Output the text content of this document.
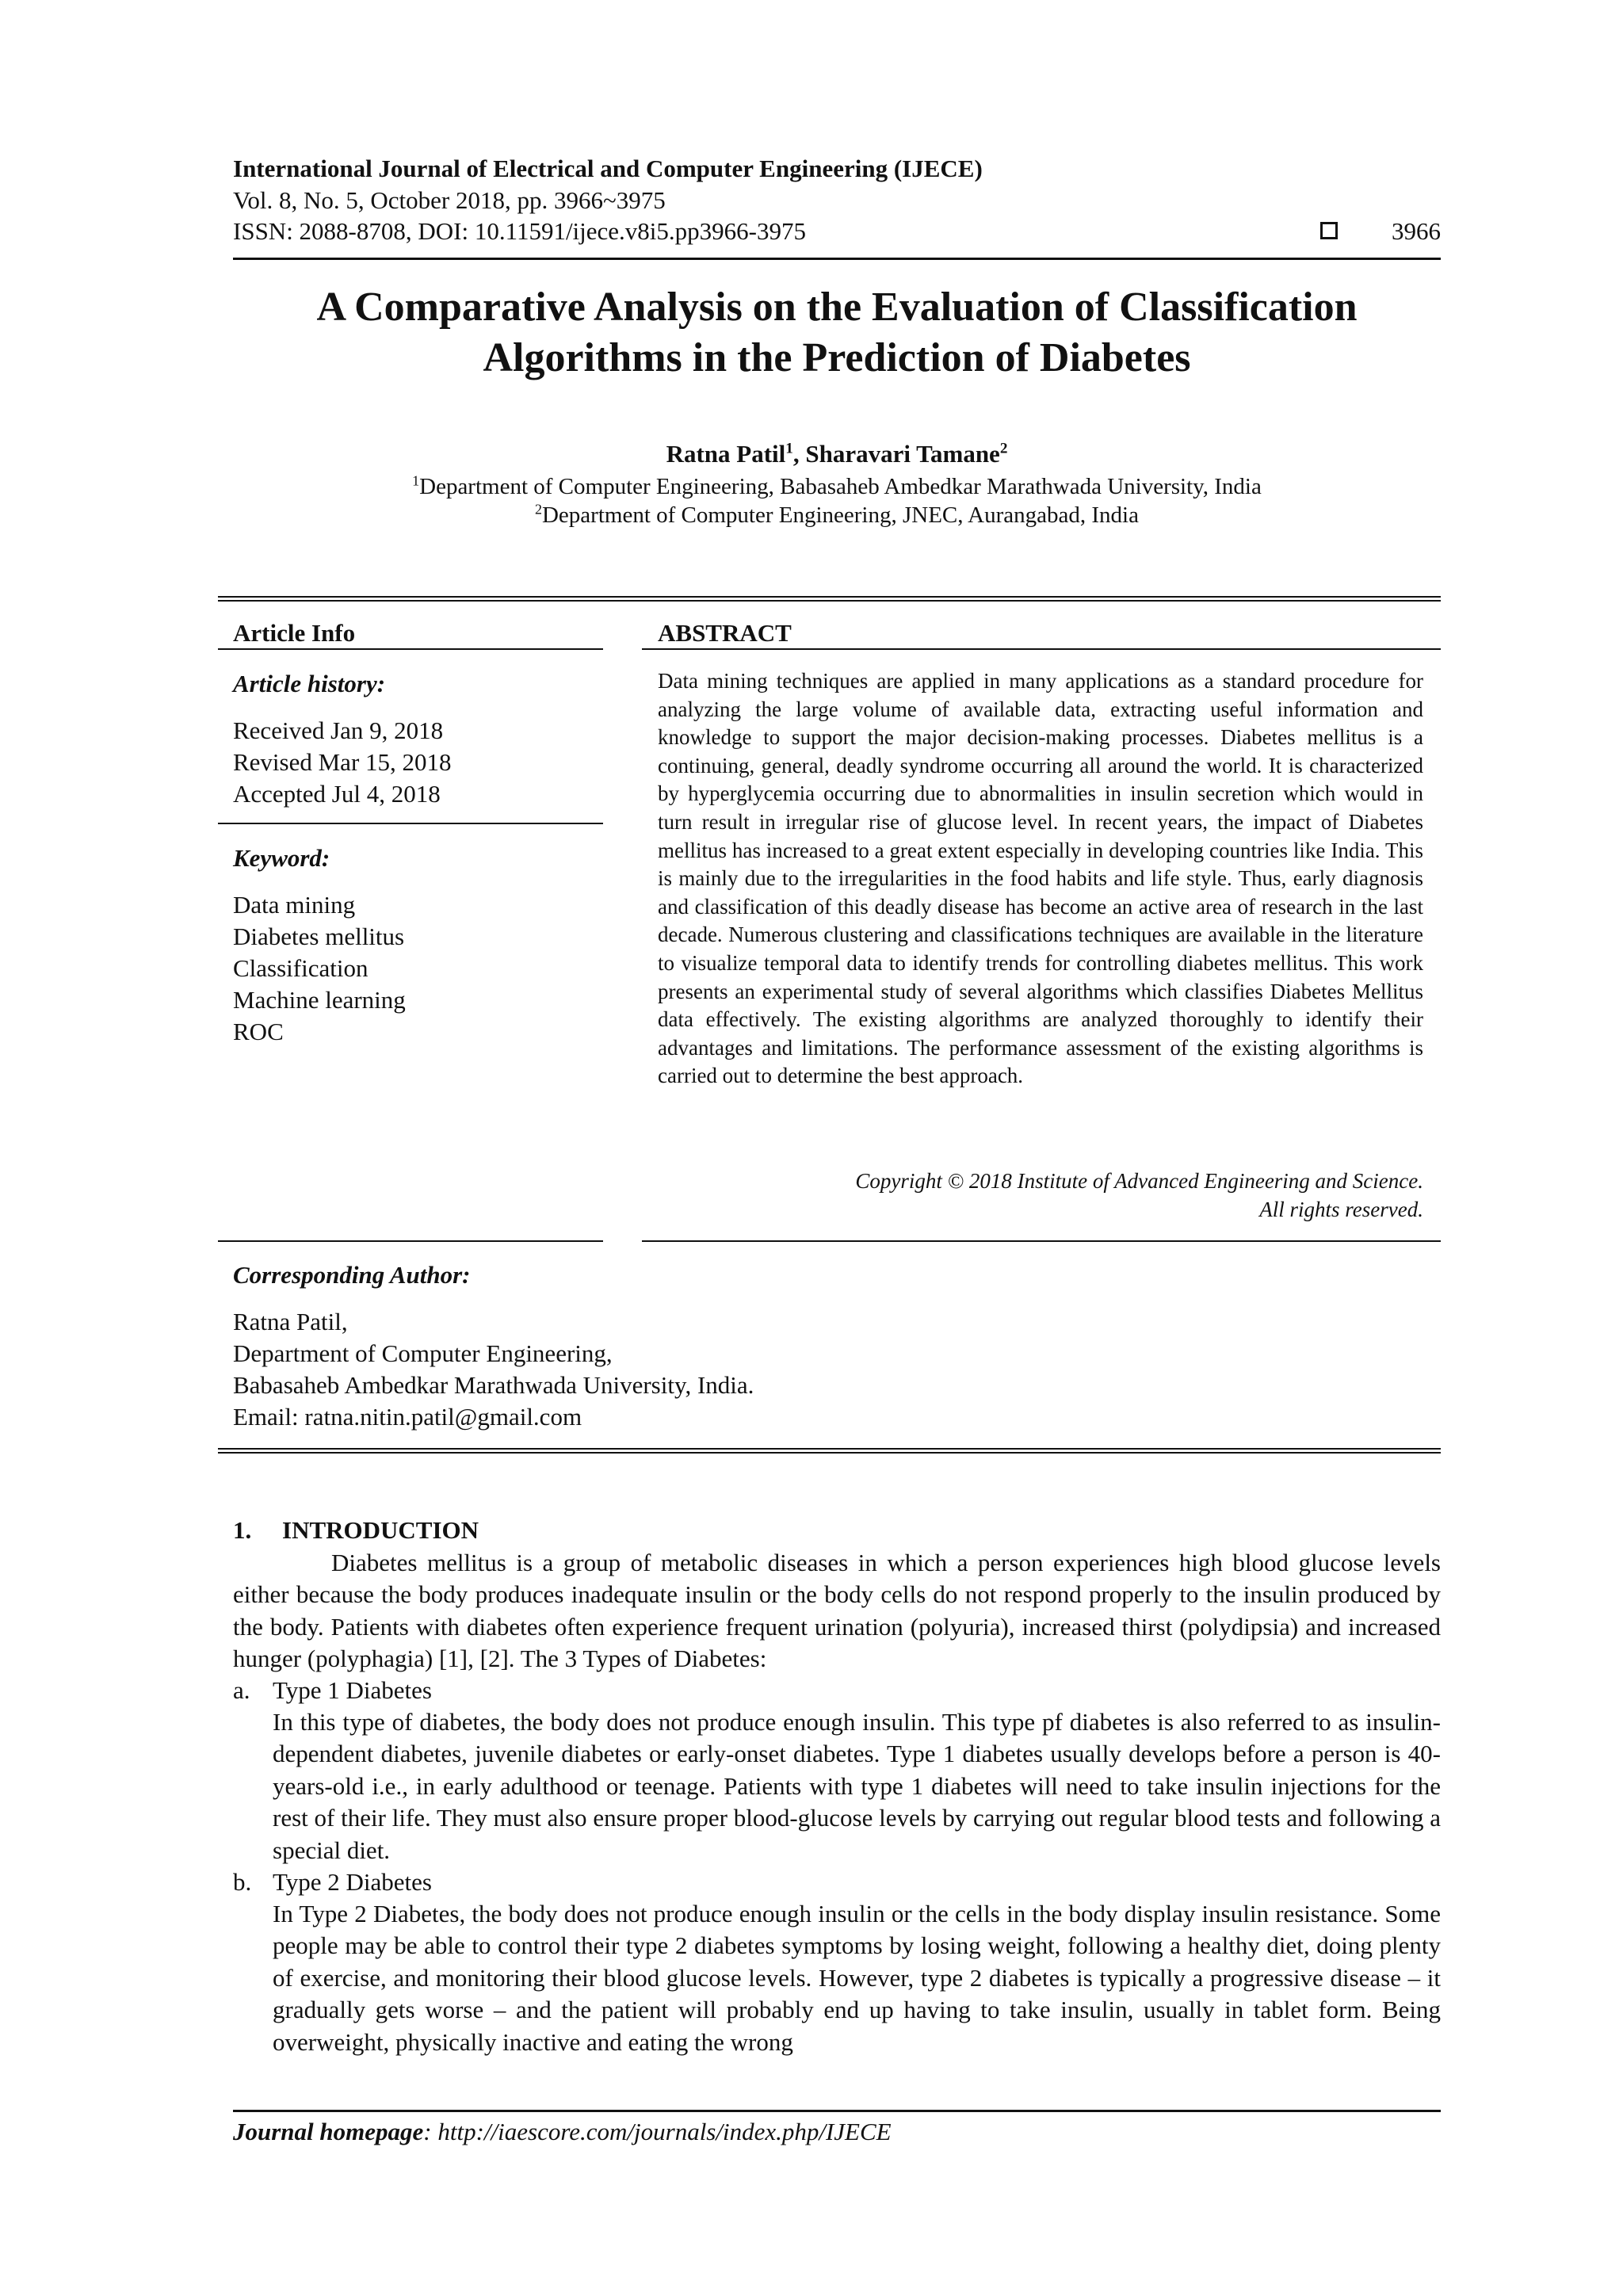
International Journal of Electrical and Computer Engineering (IJECE)
Vol. 8, No. 5, October 2018, pp. 3966~3975
ISSN: 2088-8708, DOI: 10.11591/ijece.v8i5.pp3966-3975	3966
A Comparative Analysis on the Evaluation of Classification
Algorithms in the Prediction of Diabetes
Ratna Patil$^1$, Sharavari Tamane$^2$
$^1$Department of Computer Engineering, Babasaheb Ambedkar Marathwada University, India
$^2$Department of Computer Engineering, JNEC, Aurangabad, India
Article Info
Article history:
Received Jan 9, 2018
Revised Mar 15, 2018
Accepted Jul 4, 2018
Keyword:
Data mining
Diabetes mellitus
Classification
Machine learning
ROC
ABSTRACT
Data mining techniques are applied in many applications as a standard procedure for analyzing the large volume of available data, extracting useful information and knowledge to support the major decision-making processes. Diabetes mellitus is a continuing, general, deadly syndrome occurring all around the world. It is characterized by hyperglycemia occurring due to abnormalities in insulin secretion which would in turn result in irregular rise of glucose level. In recent years, the impact of Diabetes mellitus has increased to a great extent especially in developing countries like India. This is mainly due to the irregularities in the food habits and life style. Thus, early diagnosis and classification of this deadly disease has become an active area of research in the last decade. Numerous clustering and classifications techniques are available in the literature to visualize temporal data to identify trends for controlling diabetes mellitus. This work presents an experimental study of several algorithms which classifies Diabetes Mellitus data effectively. The existing algorithms are analyzed thoroughly to identify their advantages and limitations. The performance assessment of the existing algorithms is carried out to determine the best approach.
Copyright © 2018 Institute of Advanced Engineering and Science.
All rights reserved.
Corresponding Author:
Ratna Patil,
Department of Computer Engineering,
Babasaheb Ambedkar Marathwada University, India.
Email: ratna.nitin.patil@gmail.com
1.     INTRODUCTION
Diabetes mellitus is a group of metabolic diseases in which a person experiences high blood glucose levels either because the body produces inadequate insulin or the body cells do not respond properly to the insulin produced by the body. Patients with diabetes often experience frequent urination (polyuria), increased thirst (polydipsia) and increased hunger (polyphagia) [1], [2]. The 3 Types of Diabetes:
a. Type 1 Diabetes
In this type of diabetes, the body does not produce enough insulin. This type pf diabetes is also referred to as insulin-dependent diabetes, juvenile diabetes or early-onset diabetes. Type 1 diabetes usually develops before a person is 40-years-old i.e., in early adulthood or teenage. Patients with type 1 diabetes will need to take insulin injections for the rest of their life. They must also ensure proper blood-glucose levels by carrying out regular blood tests and following a special diet.
b. Type 2 Diabetes
In Type 2 Diabetes, the body does not produce enough insulin or the cells in the body display insulin resistance. Some people may be able to control their type 2 diabetes symptoms by losing weight, following a healthy diet, doing plenty of exercise, and monitoring their blood glucose levels. However, type 2 diabetes is typically a progressive disease – it gradually gets worse – and the patient will probably end up having to take insulin, usually in tablet form. Being overweight, physically inactive and eating the wrong
Journal homepage: http://iaescore.com/journals/index.php/IJECE
